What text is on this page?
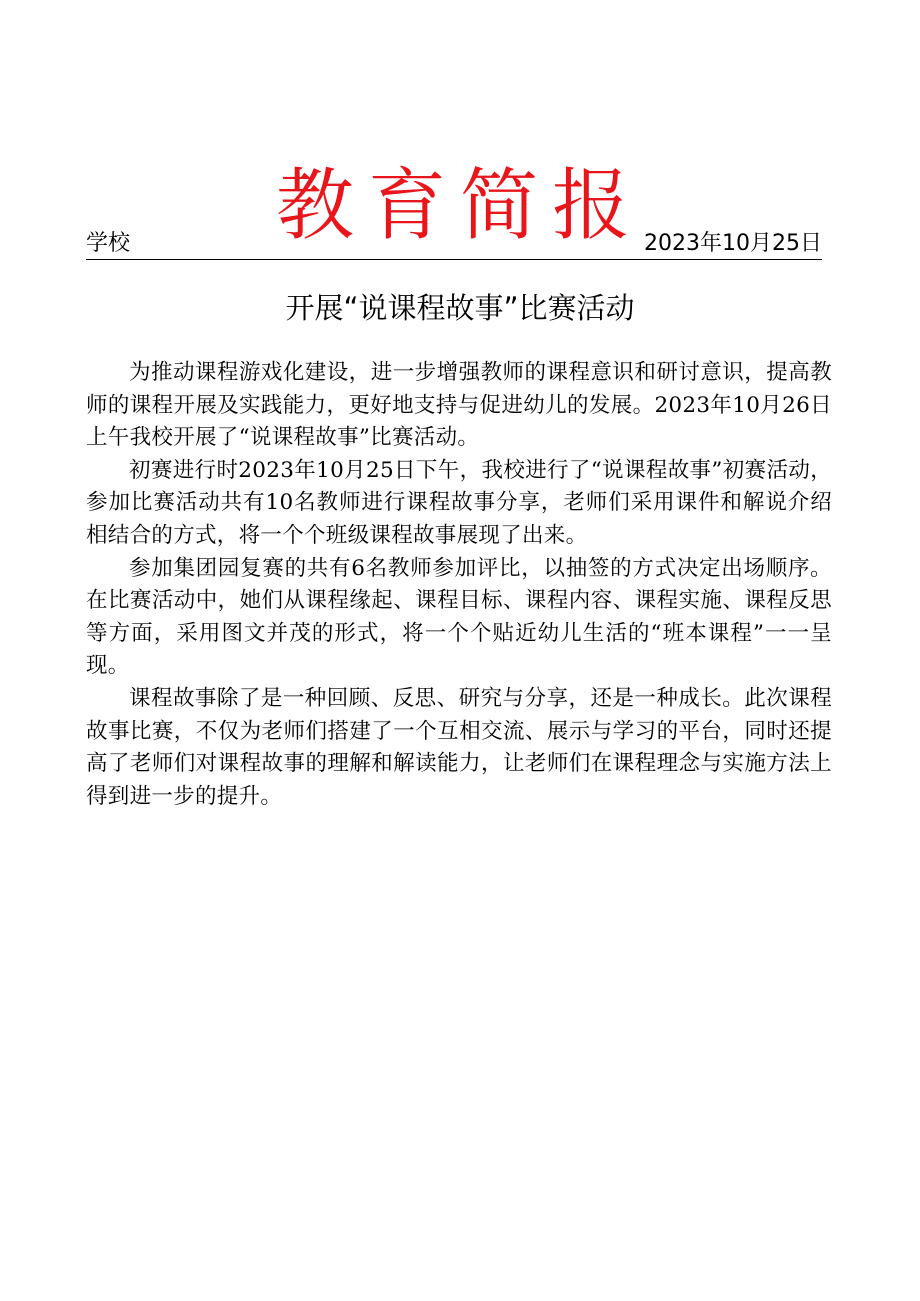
教育简报
学校	2023年10月25日
开展“说课程故事”比赛活动

为推动课程游戏化建设，进一步增强教师的课程意识和研讨意识，提高教师的课程开展及实践能力，更好地支持与促进幼儿的发展。2023年10月26日上午我校开展了“说课程故事”比赛活动。

初赛进行时2023年10月25日下午，我校进行了“说课程故事”初赛活动，参加比赛活动共有10名教师进行课程故事分享，老师们采用课件和解说介绍相结合的方式，将一个个班级课程故事展现了出来。

参加集团园复赛的共有6名教师参加评比，以抽签的方式决定出场顺序。在比赛活动中，她们从课程缘起、课程目标、课程内容、课程实施、课程反思等方面，采用图文并茂的形式，将一个个贴近幼儿生活的“班本课程”一一呈现。

课程故事除了是一种回顾、反思、研究与分享，还是一种成长。此次课程故事比赛，不仅为老师们搭建了一个互相交流、展示与学习的平台，同时还提高了老师们对课程故事的理解和解读能力，让老师们在课程理念与实施方法上得到进一步的提升。
